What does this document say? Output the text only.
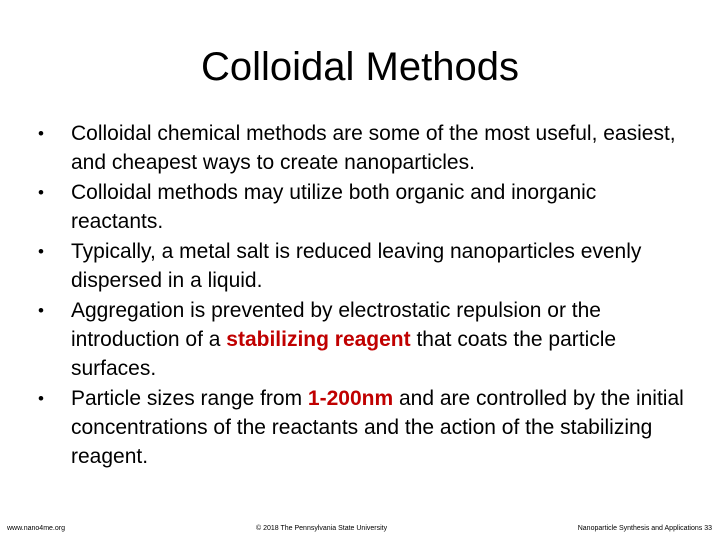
Colloidal Methods
•	Colloidal chemical methods are some of the most useful, easiest, and cheapest ways to create nanoparticles.
•	Colloidal methods may utilize both organic and inorganic reactants.
•	Typically, a metal salt is reduced leaving nanoparticles evenly dispersed in a liquid.
•	Aggregation is prevented by electrostatic repulsion or the introduction of a stabilizing reagent that coats the particle surfaces.
•	Particle sizes range from 1-200nm and are controlled by the initial concentrations of the reactants and the action of the stabilizing reagent.
www.nano4me.org	© 2018 The Pennsylvania State University	Nanoparticle Synthesis and Applications 33
